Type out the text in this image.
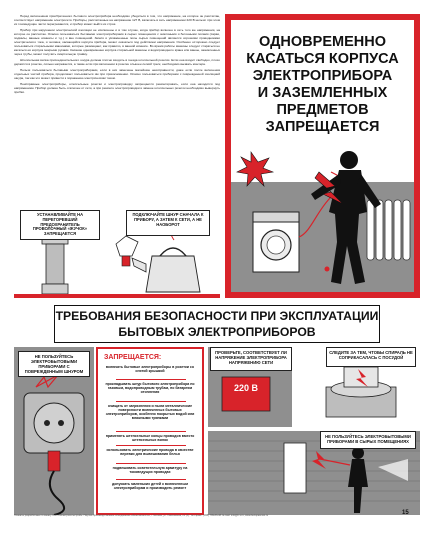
Перед включением приобретенного бытового электроприбора необходимо убедиться в том, что напряжение, на которое он рассчитан, соответствует напряжению электросети. Приборы, рассчитанные на напряжение 127 В, включать в сеть напряжением 220 В нельзя: при этом их токоведущие части перегреваются, и прибор может выйти из строя.

Прибор при нарушении электрической изоляции не исключены и в том случае, когда прибор включен в сеть того же напряжения, на которое он рассчитан. Опасно пользоваться бытовыми электроприборами в сырых помещениях с земляными и бетонными полами (сараи, подвалы, ванные комнаты и т.д.) и вне помещений. Земля и увлажненные полы сырых помещений являются хорошими проводниками электрического тока, и человек, касающийся корпуса прибора, может оказаться под действием напряжения. Особенно осторожно следует пользоваться стиральными машинами, которые размещают, как правило, в ванной комнате. Во время работы машины следует стараться не касаться её корпуса мокрыми руками. Касание одновременно корпуса стиральной машины и водопроводного крана или ванны, заземленных через трубы, может получить смертельную травму.

Штепсельная вилка присоединительного шнура должна плотно входить в гнезда штепсельной розетки. Если она входит свободно, плохо держится в розетке, сильно нагревается, а также если при включении в розетке слышен легкий треск, необходимо вызвать монтера.

Нельзя пользоваться бытовыми электроприборами, если в них замечены малейшие неисправности, даже если после включения отдельных частей прибора, продолжает пользоваться им при прикосновении. Опасно пользоваться приборами с поврежденной изоляцией шнура, так как это может привести к поражению электрическим током.

Неисправные электроприборы, штепсельные розетки и электропроводку запрещается ремонтировать, если она находится под напряжением. Прибор должен быть отключен от сети, а при ремонте электропроводки и замене штепсельных розеток необходимо вывернуть пробки.

ОДНОВРЕМЕННО
КАСАТЬСЯ КОРПУСА
ЭЛЕКТРОПРИБОРА
И ЗАЗЕМЛЕННЫХ
ПРЕДМЕТОВ
ЗАПРЕЩАЕТСЯ
УСТАНАВЛИВАЙТЕ НА ПЕРЕГОРЕВШИЙ ПРЕДОХРАНИТЕЛЬ ПРОВОЛОЧНЫЙ «ЖУЧОК» ЗАПРЕЩАЕТСЯ
ПОДКЛЮЧАЙТЕ ШНУР СНАЧАЛА К ПРИБОРУ, А ЗАТЕМ К СЕТИ, А НЕ НАОБОРОТ
ТРЕБОВАНИЯ БЕЗОПАСНОСТИ ПРИ ЭКСПЛУАТАЦИИ
БЫТОВЫХ ЭЛЕКТРОПРИБОРОВ
НЕ ПОЛЬЗУЙТЕСЬ ЭЛЕКТРОБЫТОВЫМИ ПРИБОРАМИ С ПОВРЕЖДЕННЫМ ШНУРОМ
ЗАПРЕЩАЕТСЯ:
включать бытовые электроприборы в розетки со снятой крышкой
прокладывать шнур бытового электроприбора по газовым, водопроводным трубам, по батареям отопления
очищать от загрязнения и пыли металлические поверхности включенных бытовых электроприборов, особенно покрытых водой или влажными тряпками
применять штепсельные концы проводов вместо штепсельных вилок
использовать электрические провода в качестве веревки для вывешивания белья
подвешивать осветительную арматуру на токоведущих проводах
допускать маленьких детей к включенным электроприборам и производить ремонт
ПРОВЕРЬТЕ, СООТВЕТСТВУЕТ ЛИ НАПРЯЖЕНИЕ ЭЛЕКТРОПРИБОРА НАПРЯЖЕНИЮ СЕТИ
220 В
СЛЕДИТЕ ЗА ТЕМ, ЧТОБЫ СПИРАЛЬ НЕ СОПРИКАСАЛАСЬ С ПОСУДОЙ
НЕ ПОЛЬЗУЙТЕСЬ ЭЛЕКТРОБЫТОВЫМИ ПРИБОРАМИ В СЫРЫХ ПОМЕЩЕНИЯХ
Плакаты разработаны по заказу ОАО «Электросетьстрой». Научно-производственное объединение «Безопасность», г. Москва, ул. Павловская, 21 (б). Тел./факс: (495) 789-86-38. E-mail: info@b-v.ru, www.bezopasnost.ru	15
